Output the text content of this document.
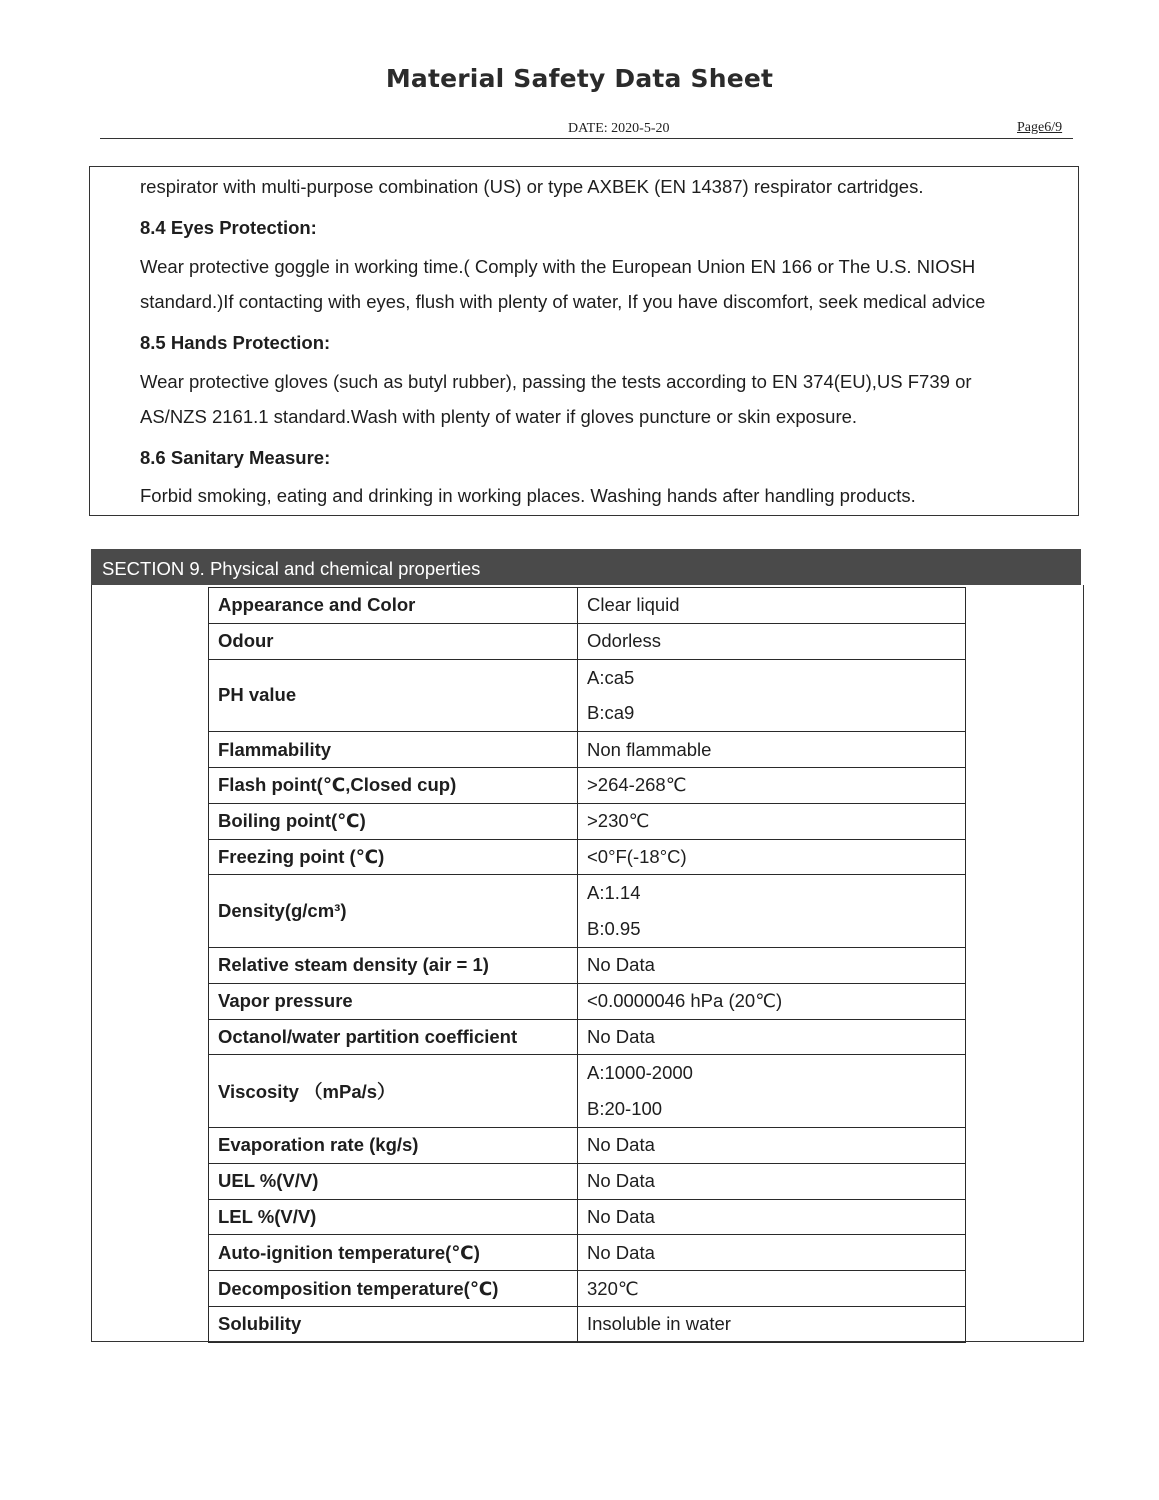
Material Safety Data Sheet
DATE: 2020-5-20	Page6/9
respirator with multi-purpose combination (US) or type AXBEK (EN 14387) respirator cartridges.
8.4 Eyes Protection:
Wear protective goggle in working time.( Comply with the European Union EN 166 or The U.S. NIOSH
standard.)If contacting with eyes, flush with plenty of water, If you have discomfort, seek medical advice
8.5 Hands Protection:
Wear protective gloves (such as butyl rubber), passing the tests according to EN 374(EU),US F739 or
AS/NZS 2161.1 standard.Wash with plenty of water if gloves puncture or skin exposure.
8.6 Sanitary Measure:
Forbid smoking, eating and drinking in working places. Washing hands after handling products.
SECTION 9. Physical and chemical properties
Appearance and Color	Clear liquid
Odour	Odorless
PH value	A:ca5
B:ca9

Flammability	Non flammable
Flash point(℃,Closed cup)	>264-268℃
Boiling point(℃)	>230℃
Freezing point (℃)	<0°F(-18°C)
Density(g/cm³)	A:1.14
B:0.95

Relative steam density (air = 1)	No Data
Vapor pressure	<0.0000046 hPa (20℃)
Octanol/water partition coefficient	No Data
Viscosity （mPa/s）	A:1000-2000
B:20-100

Evaporation rate (kg/s)	No Data
UEL %(V/V)	No Data
LEL %(V/V)	No Data
Auto-ignition temperature(℃)	No Data
Decomposition temperature(℃)	320℃
Solubility	Insoluble in water
